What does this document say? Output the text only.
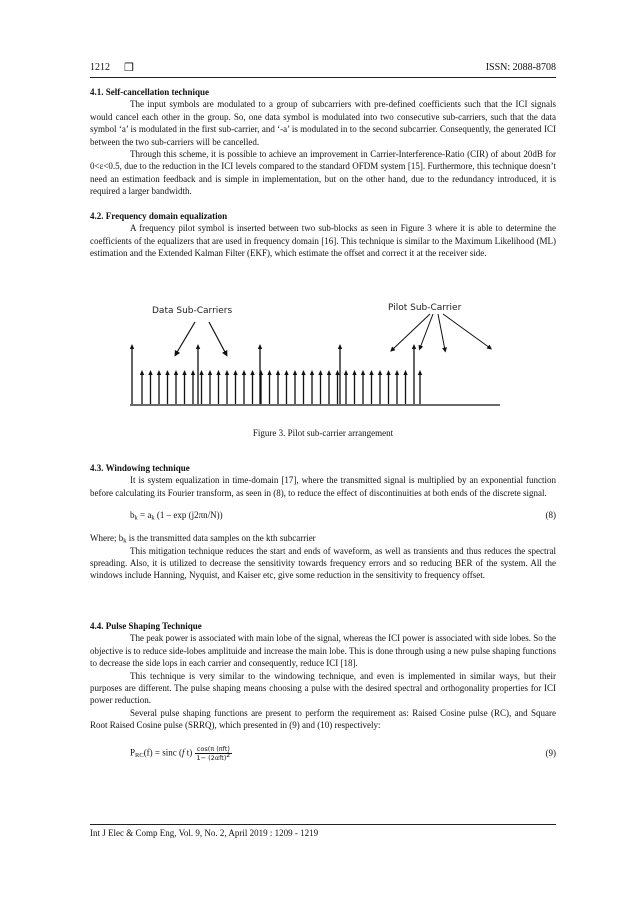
1212 ❒	ISSN: 2088-8708

4.1. Self-cancellation technique

The input symbols are modulated to a group of subcarriers with pre-defined coefficients such that the ICI signals would cancel each other in the group. So, one data symbol is modulated into two consecutive sub-carriers, such that the data symbol ‘a’ is modulated in the first sub-carrier, and ‘-a’ is modulated in to the second subcarrier. Consequently, the generated ICI between the two sub-carriers will be cancelled.

Through this scheme, it is possible to achieve an improvement in Carrier-Interference-Ratio (CIR) of about 20dB for 0<ε<0.5, due to the reduction in the ICI levels compared to the standard OFDM system [15]. Furthermore, this technique doesn’t need an estimation feedback and is simple in implementation, but on the other hand, due to the redundancy introduced, it is required a larger bandwidth.

4.2. Frequency domain equalization

A frequency pilot symbol is inserted between two sub-blocks as seen in Figure 3 where it is able to determine the coefficients of the equalizers that are used in frequency domain [16]. This technique is similar to the Maximum Likelihood (ML) estimation and the Extended Kalman Filter (EKF), which estimate the offset and correct it at the receiver side.

Data Sub-Carriers	Pilot Sub-Carrier
Figure 3. Pilot sub-carrier arrangement

4.3. Windowing technique

It is system equalization in time-domain [17], where the transmitted signal is multiplied by an exponential function before calculating its Fourier transform, as seen in (8), to reduce the effect of discontinuities at both ends of the discrete signal.

$b_k = a_k$ (1 – exp (j2πn/N))	(8)

Where; $b_k$ is the transmitted data samples on the kth subcarrier

This mitigation technique reduces the start and ends of waveform, as well as transients and thus reduces the spectral spreading. Also, it is utilized to decrease the sensitivity towards frequency errors and so reducing BER of the system. All the windows include Hanning, Nyquist, and Kaiser etc, give some reduction in the sensitivity to frequency offset.

4.4. Pulse Shaping Technique

The peak power is associated with main lobe of the signal, whereas the ICI power is associated with side lobes. So the objective is to reduce side-lobes amplituide and increase the main lobe. This is done through using a new pulse shaping functions to decrease the side lops in each carrier and consequently, reduce ICI [18].

This technique is very similar to the windowing technique, and even is implemented in similar ways, but their purposes are different. The pulse shaping means choosing a pulse with the desired spectral and orthogonality properties for ICI power reduction.

Several pulse shaping functions are present to perform the requirement as: Raised Cosine pulse (RC), and Square Root Raised Cosine pulse (SRRQ), which presented in (9) and (10) respectively:

$P_{RC}(f) = \sin c$ (f $t) \frac{\text{cos(π (πft)}}{1- (2\alpha ft)^2}$	(9)
Int J Elec & Comp Eng, Vol. 9, No. 2, April 2019 : 1209 - 1219
